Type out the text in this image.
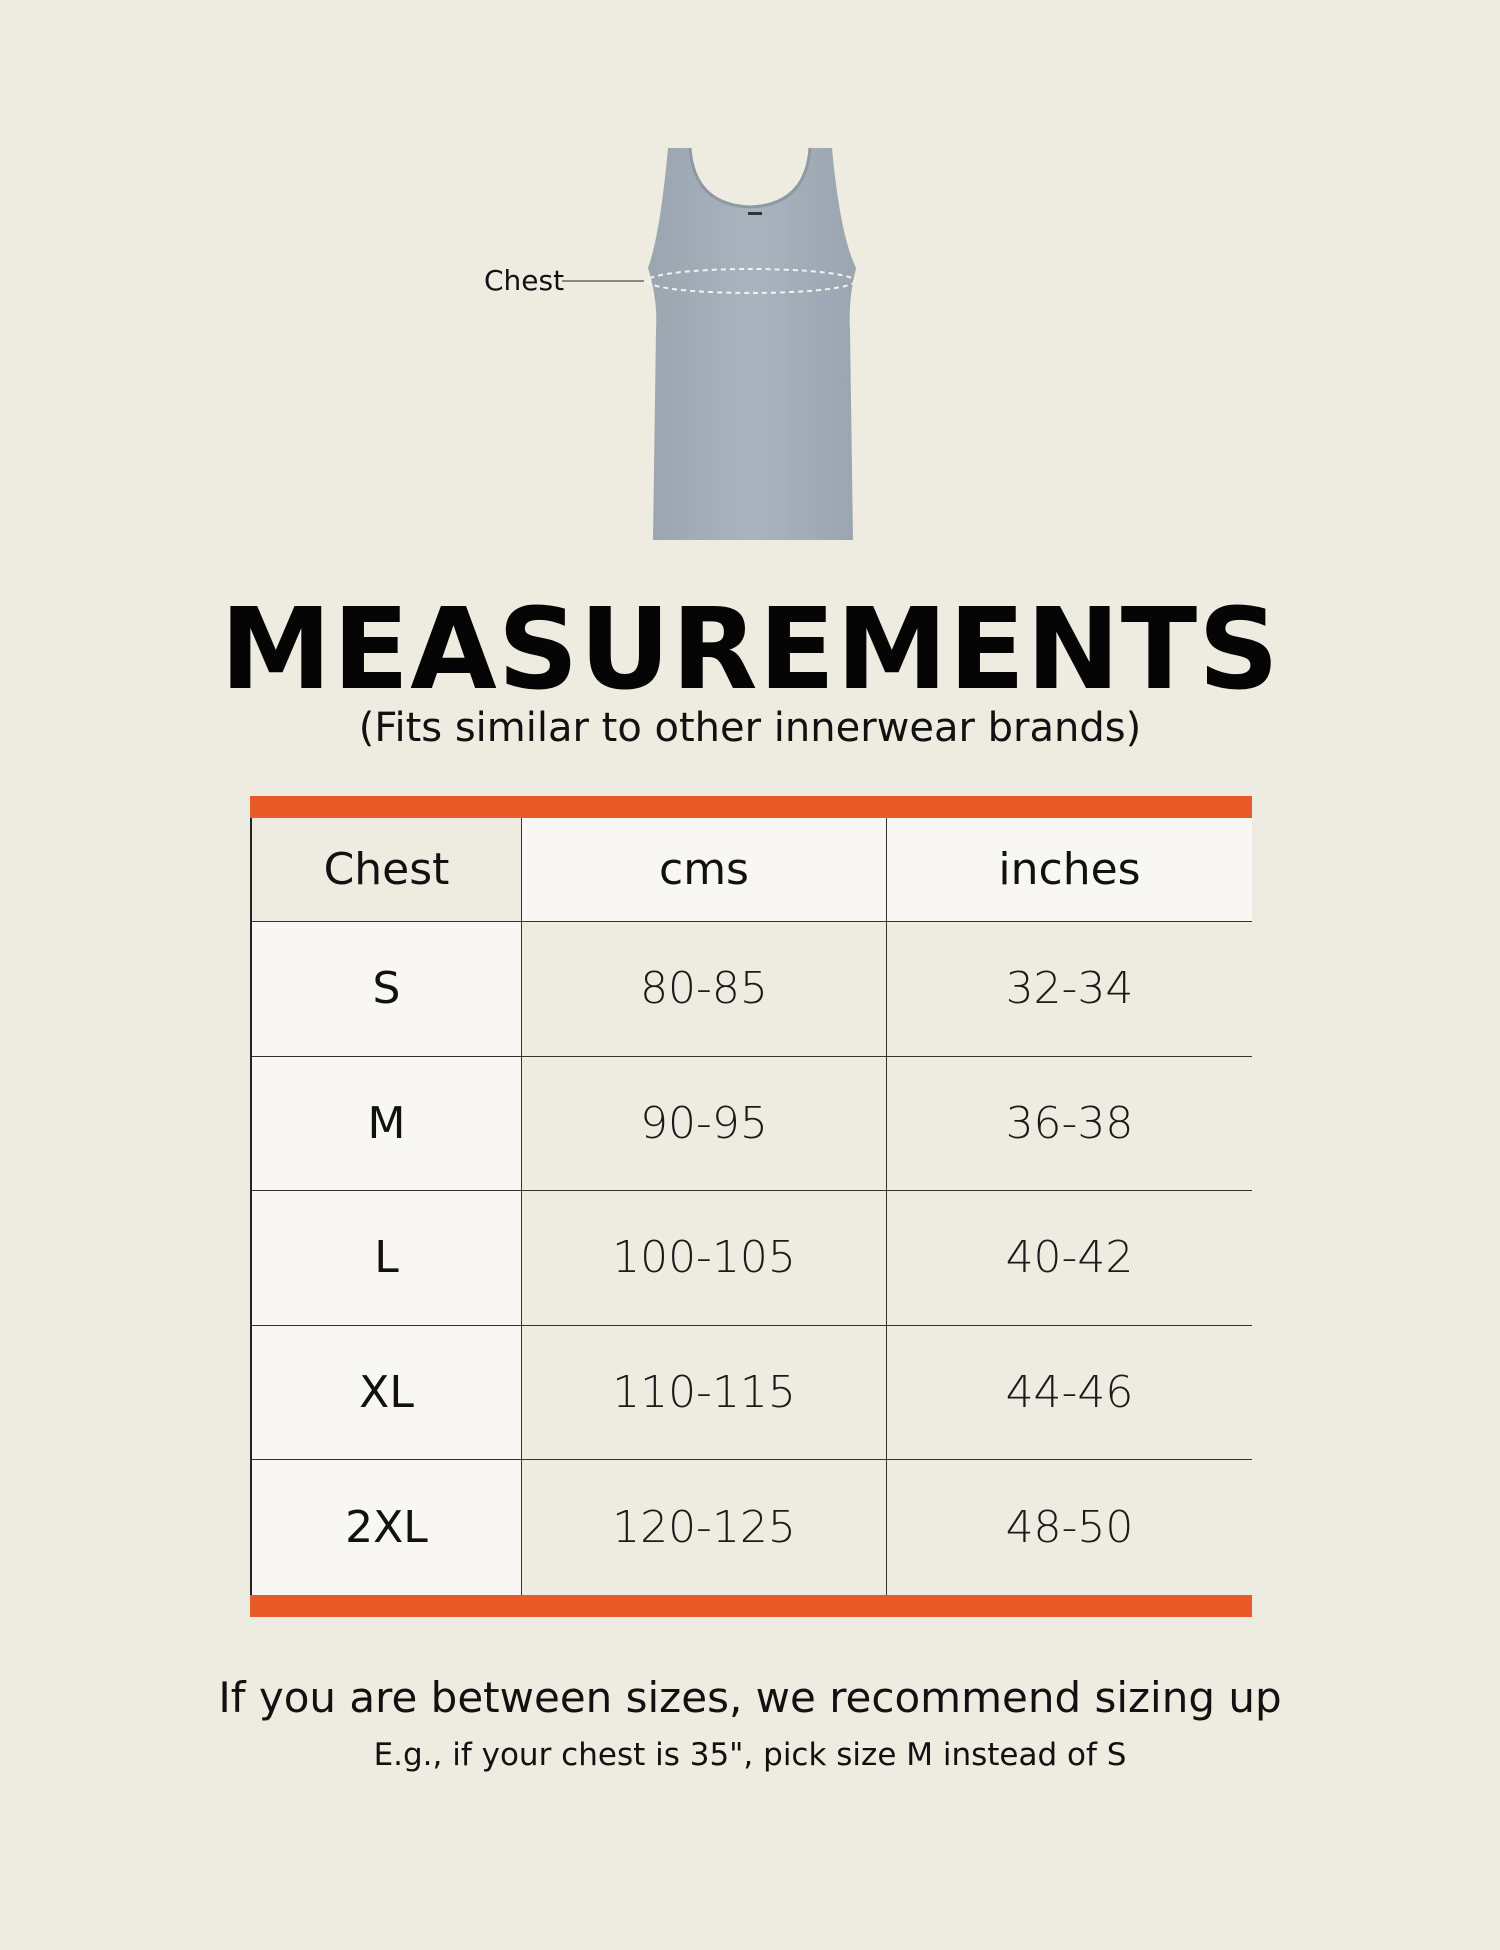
Chest
MEASUREMENTS
(Fits similar to other innerwear brands)
Chest	cms	inches
S	80-85	32-34
M	90-95	36-38
L	100-105	40-42
XL	110-115	44-46
2XL	120-125	48-50
If you are between sizes, we recommend sizing up
E.g., if your chest is 35", pick size M instead of S
